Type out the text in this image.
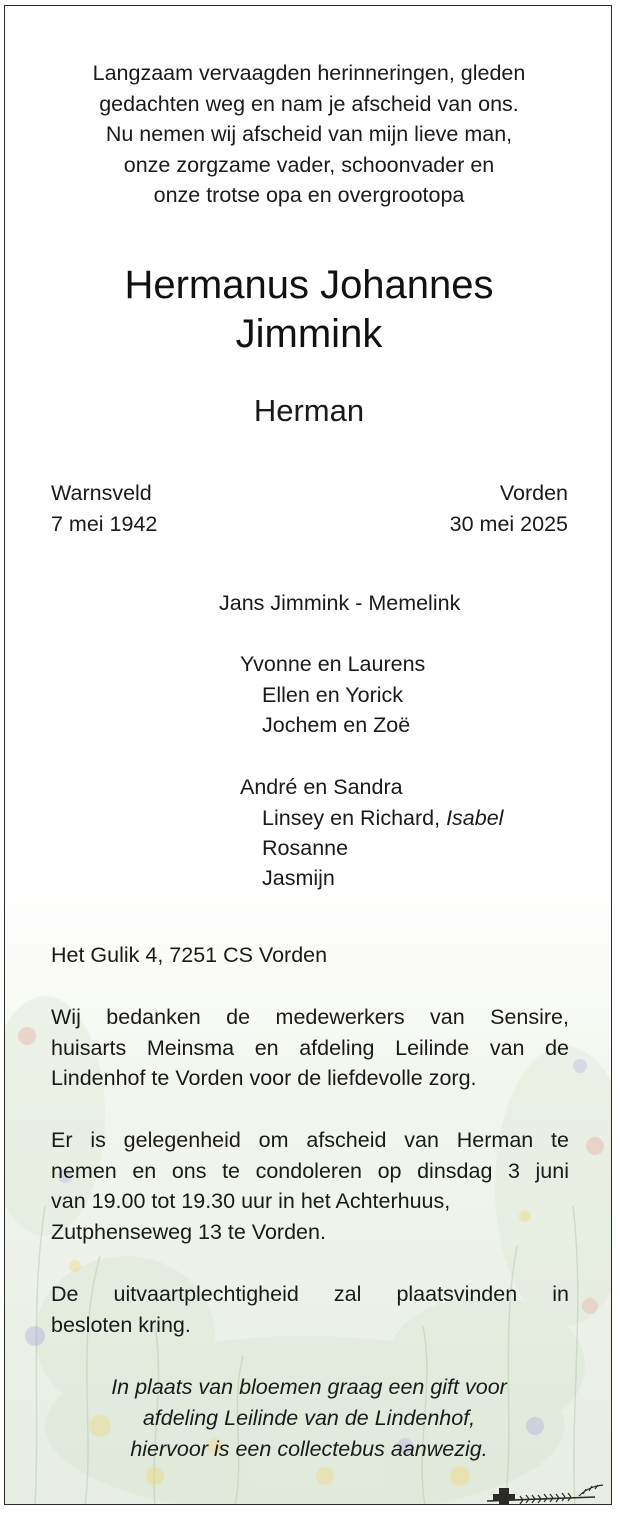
Langzaam vervaagden herinneringen, gleden
gedachten weg en nam je afscheid van ons.
Nu nemen wij afscheid van mijn lieve man,
onze zorgzame vader, schoonvader en
onze trotse opa en overgrootopa
Hermanus Johannes
Jimmink
Herman
Warnsveld
7 mei 1942
Vorden
30 mei 2025
Jans Jimmink - Memelink
Yvonne en Laurens
Ellen en Yorick
Jochem en Zoë
André en Sandra
Linsey en Richard, Isabel
Rosanne
Jasmijn
Het Gulik 4, 7251 CS Vorden
Wij bedanken de medewerkers van Sensire,
huisarts Meinsma en afdeling Leilinde van de
Lindenhof te Vorden voor de liefdevolle zorg.
Er is gelegenheid om afscheid van Herman te
nemen en ons te condoleren op dinsdag 3 juni
van 19.00 tot 19.30 uur in het Achterhuus,
Zutphenseweg 13 te Vorden.
De uitvaartplechtigheid zal plaatsvinden in
besloten kring.
In plaats van bloemen graag een gift voor
afdeling Leilinde van de Lindenhof,
hiervoor is een collectebus aanwezig.
